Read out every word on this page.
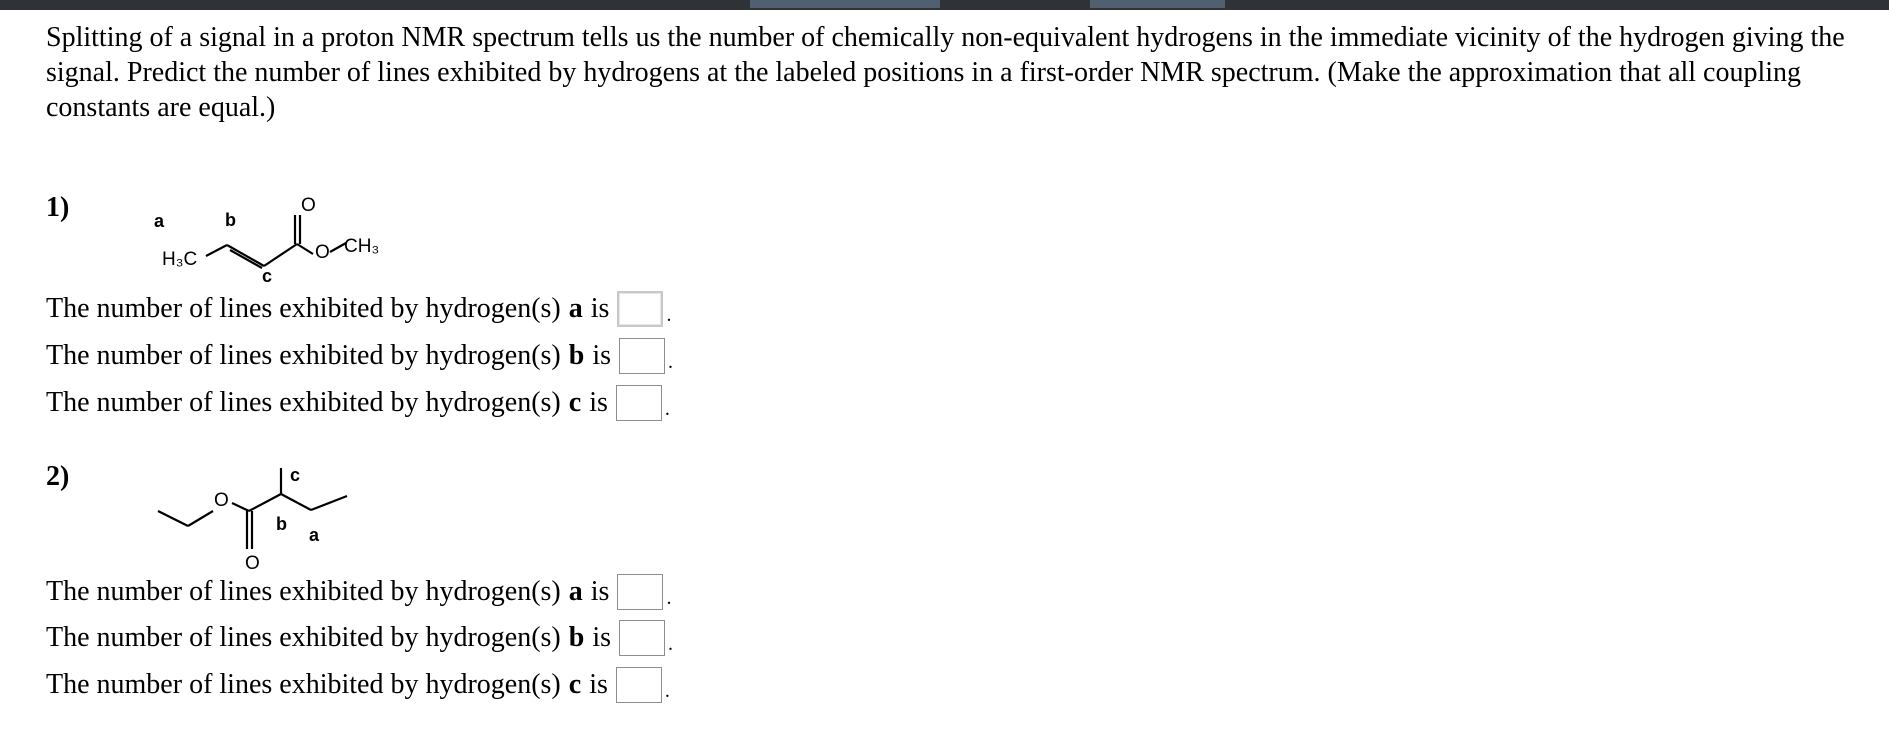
Splitting of a signal in a proton NMR spectrum tells us the number of chemically non-equivalent hydrogens in the immediate vicinity of the hydrogen giving the signal. Predict the number of lines exhibited by hydrogens at the labeled positions in a first-order NMR spectrum. (Make the approximation that all coupling constants are equal.)

1)	a	b
c
H₃C
O
O CH₃
The number of lines exhibited by hydrogen(s) a is	.
The number of lines exhibited by hydrogen(s) b is	.
The number of lines exhibited by hydrogen(s) c is	.
2)
O
O
c
b
a
The number of lines exhibited by hydrogen(s) a is	.
The number of lines exhibited by hydrogen(s) b is	.
The number of lines exhibited by hydrogen(s) c is	.
